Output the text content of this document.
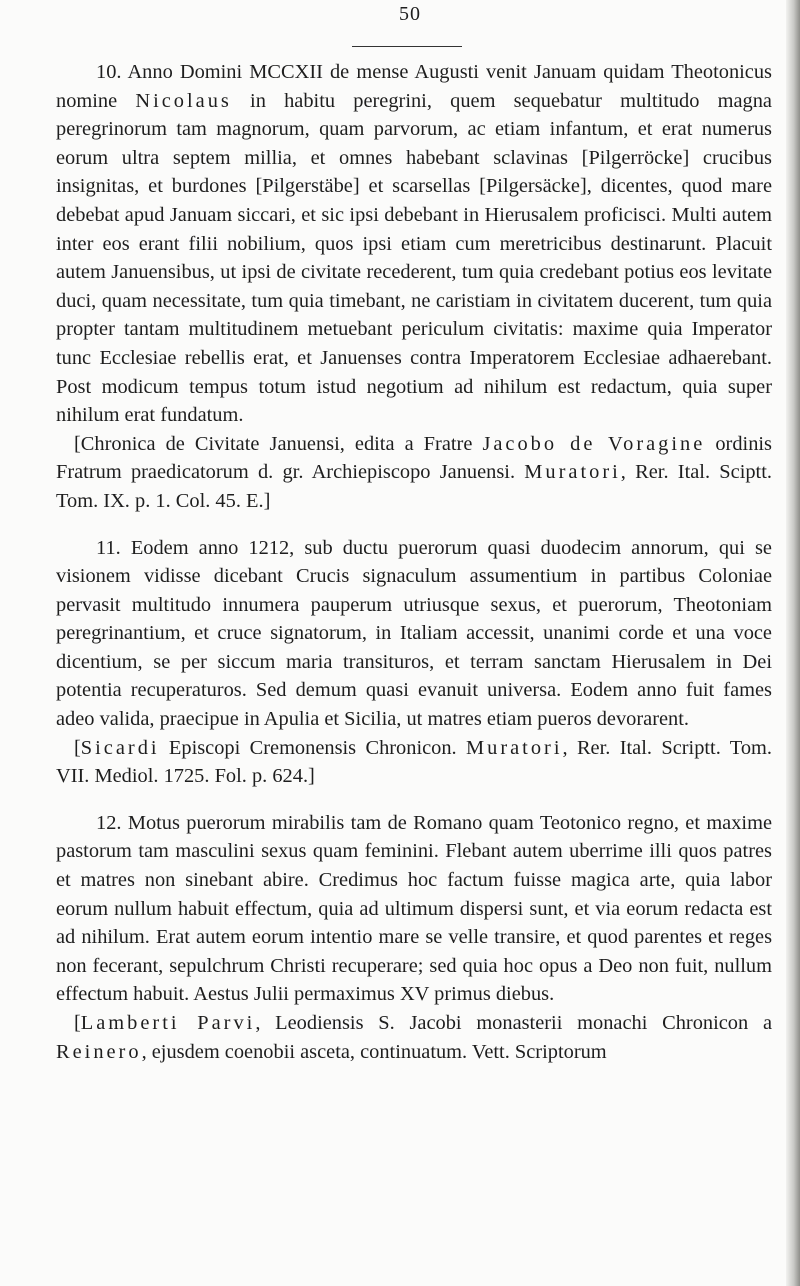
50

10. Anno Domini MCCXII de mense Augusti venit Januam quidam Theotonicus nomine Nicolaus in habitu peregrini, quem sequebatur multitudo magna peregrinorum tam magnorum, quam parvorum, ac etiam infantum, et erat numerus eorum ultra septem millia, et omnes habebant sclavinas [Pilgerröcke] crucibus insignitas, et burdones [Pilgerstäbe] et scarsellas [Pilgersäcke], dicentes, quod mare debebat apud Januam siccari, et sic ipsi debebant in Hierusalem proficisci. Multi autem inter eos erant filii nobilium, quos ipsi etiam cum meretricibus destinarunt. Placuit autem Januensibus, ut ipsi de civitate recederent, tum quia credebant potius eos levitate duci, quam necessitate, tum quia timebant, ne caristiam in civitatem ducerent, tum quia propter tantam multitudinem metuebant periculum civitatis: maxime quia Imperator tunc Ecclesiae rebellis erat, et Januenses contra Imperatorem Ecclesiae adhaerebant. Post modicum tempus totum istud negotium ad nihilum est redactum, quia super nihilum erat fundatum.

[Chronica de Civitate Januensi, edita a Fratre Jacobo de Voragine ordinis Fratrum praedicatorum d. gr. Archiepiscopo Januensi. Muratori, Rer. Ital. Sciptt. Tom. IX. p. 1. Col. 45. E.]

11. Eodem anno 1212, sub ductu puerorum quasi duodecim annorum, qui se visionem vidisse dicebant Crucis signaculum assumentium in partibus Coloniae pervasit multitudo innumera pauperum utriusque sexus, et puerorum, Theotoniam peregrinantium, et cruce signatorum, in Italiam accessit, unanimi corde et una voce dicentium, se per siccum maria transituros, et terram sanctam Hierusalem in Dei potentia recuperaturos. Sed demum quasi evanuit universa. Eodem anno fuit fames adeo valida, praecipue in Apulia et Sicilia, ut matres etiam pueros devorarent.

[Sicardi Episcopi Cremonensis Chronicon. Muratori, Rer. Ital. Scriptt. Tom. VII. Mediol. 1725. Fol. p. 624.]

12. Motus puerorum mirabilis tam de Romano quam Teotonico regno, et maxime pastorum tam masculini sexus quam feminini. Flebant autem uberrime illi quos patres et matres non sinebant abire. Credimus hoc factum fuisse magica arte, quia labor eorum nullum habuit effectum, quia ad ultimum dispersi sunt, et via eorum redacta est ad nihilum. Erat autem eorum intentio mare se velle transire, et quod parentes et reges non fecerant, sepulchrum Christi recuperare; sed quia hoc opus a Deo non fuit, nullum effectum habuit. Aestus Julii permaximus XV primus diebus.

[Lamberti Parvi, Leodiensis S. Jacobi monasterii monachi Chronicon a Reinero, ejusdem coenobii asceta, continuatum. Vett. Scriptorum
